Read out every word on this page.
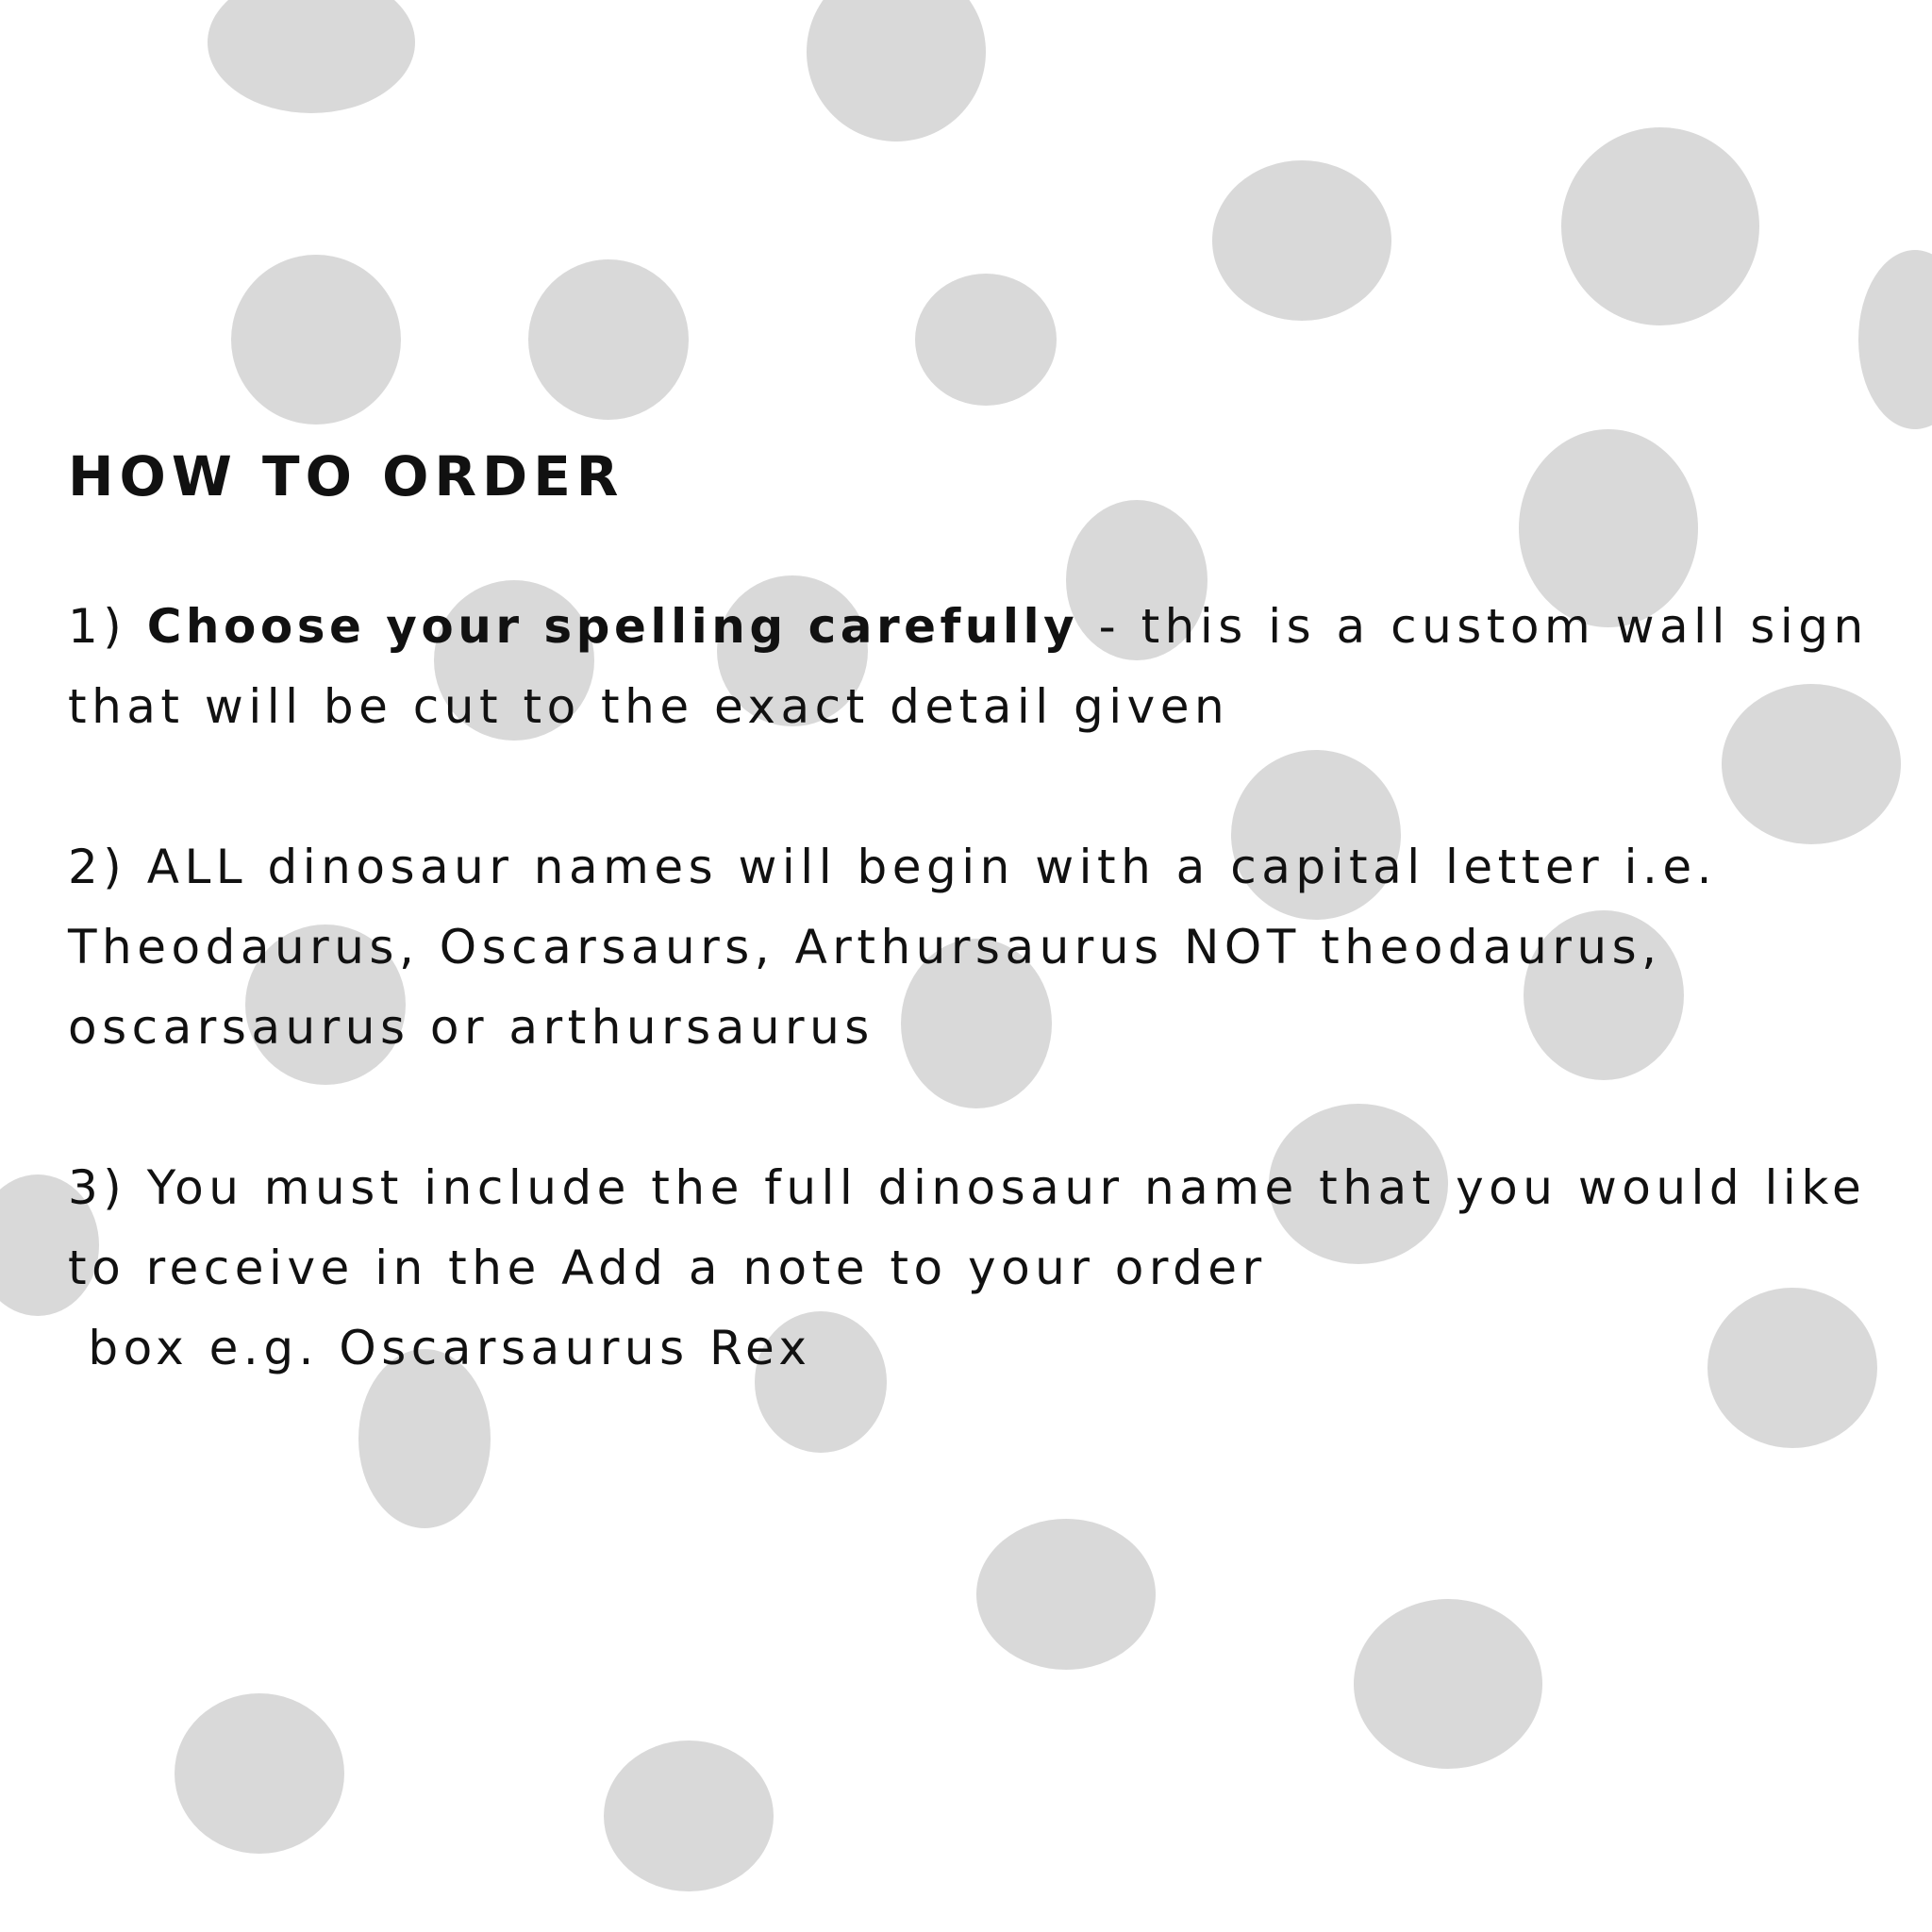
HOW TO ORDER
1) Choose your spelling carefully - this is a custom wall sign that will be cut to the exact detail given
2) ALL dinosaur names will begin with a capital letter i.e. Theodaurus, Oscarsaurs, Arthursaurus NOT theodaurus, oscarsaurus or arthursaurus
3) You must include the full dinosaur name that you would like to receive in the Add a note to your order
box e.g. Oscarsaurus Rex
